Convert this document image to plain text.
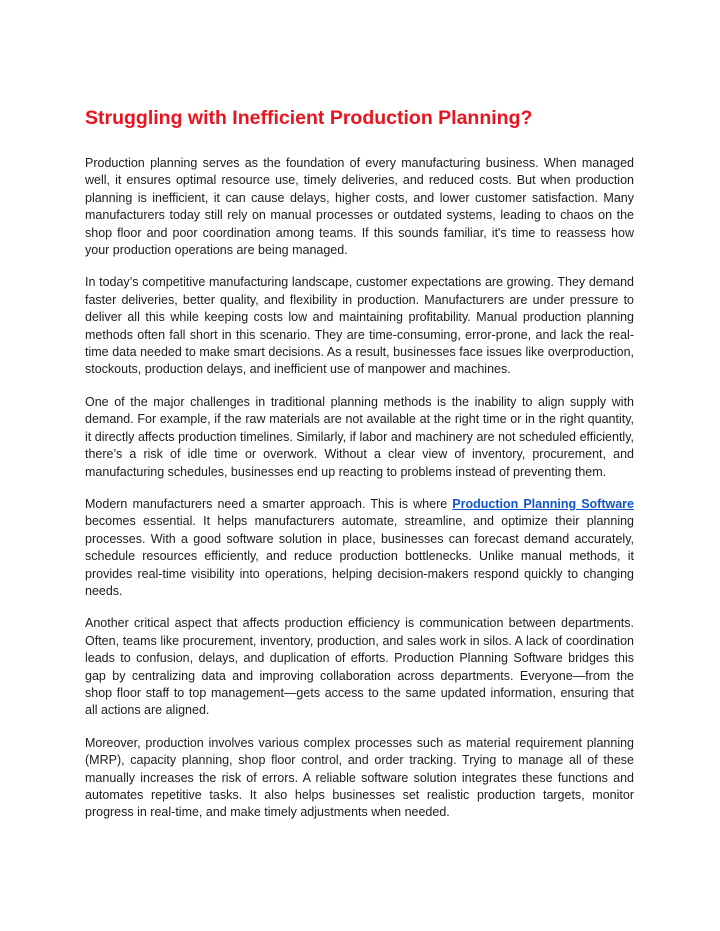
Struggling with Inefficient Production Planning?

Production planning serves as the foundation of every manufacturing business. When managed well, it ensures optimal resource use, timely deliveries, and reduced costs. But when production planning is inefficient, it can cause delays, higher costs, and lower customer satisfaction. Many manufacturers today still rely on manual processes or outdated systems, leading to chaos on the shop floor and poor coordination among teams. If this sounds familiar, it's time to reassess how your production operations are being managed.

In today’s competitive manufacturing landscape, customer expectations are growing. They demand faster deliveries, better quality, and flexibility in production. Manufacturers are under pressure to deliver all this while keeping costs low and maintaining profitability. Manual production planning methods often fall short in this scenario. They are time-consuming, error-prone, and lack the real-time data needed to make smart decisions. As a result, businesses face issues like overproduction, stockouts, production delays, and inefficient use of manpower and machines.

One of the major challenges in traditional planning methods is the inability to align supply with demand. For example, if the raw materials are not available at the right time or in the right quantity, it directly affects production timelines. Similarly, if labor and machinery are not scheduled efficiently, there’s a risk of idle time or overwork. Without a clear view of inventory, procurement, and manufacturing schedules, businesses end up reacting to problems instead of preventing them.

Modern manufacturers need a smarter approach. This is where Production Planning Software becomes essential. It helps manufacturers automate, streamline, and optimize their planning processes. With a good software solution in place, businesses can forecast demand accurately, schedule resources efficiently, and reduce production bottlenecks. Unlike manual methods, it provides real-time visibility into operations, helping decision-makers respond quickly to changing needs.

Another critical aspect that affects production efficiency is communication between departments. Often, teams like procurement, inventory, production, and sales work in silos. A lack of coordination leads to confusion, delays, and duplication of efforts. Production Planning Software bridges this gap by centralizing data and improving collaboration across departments. Everyone—from the shop floor staff to top management—gets access to the same updated information, ensuring that all actions are aligned.

Moreover, production involves various complex processes such as material requirement planning (MRP), capacity planning, shop floor control, and order tracking. Trying to manage all of these manually increases the risk of errors. A reliable software solution integrates these functions and automates repetitive tasks. It also helps businesses set realistic production targets, monitor progress in real-time, and make timely adjustments when needed.
